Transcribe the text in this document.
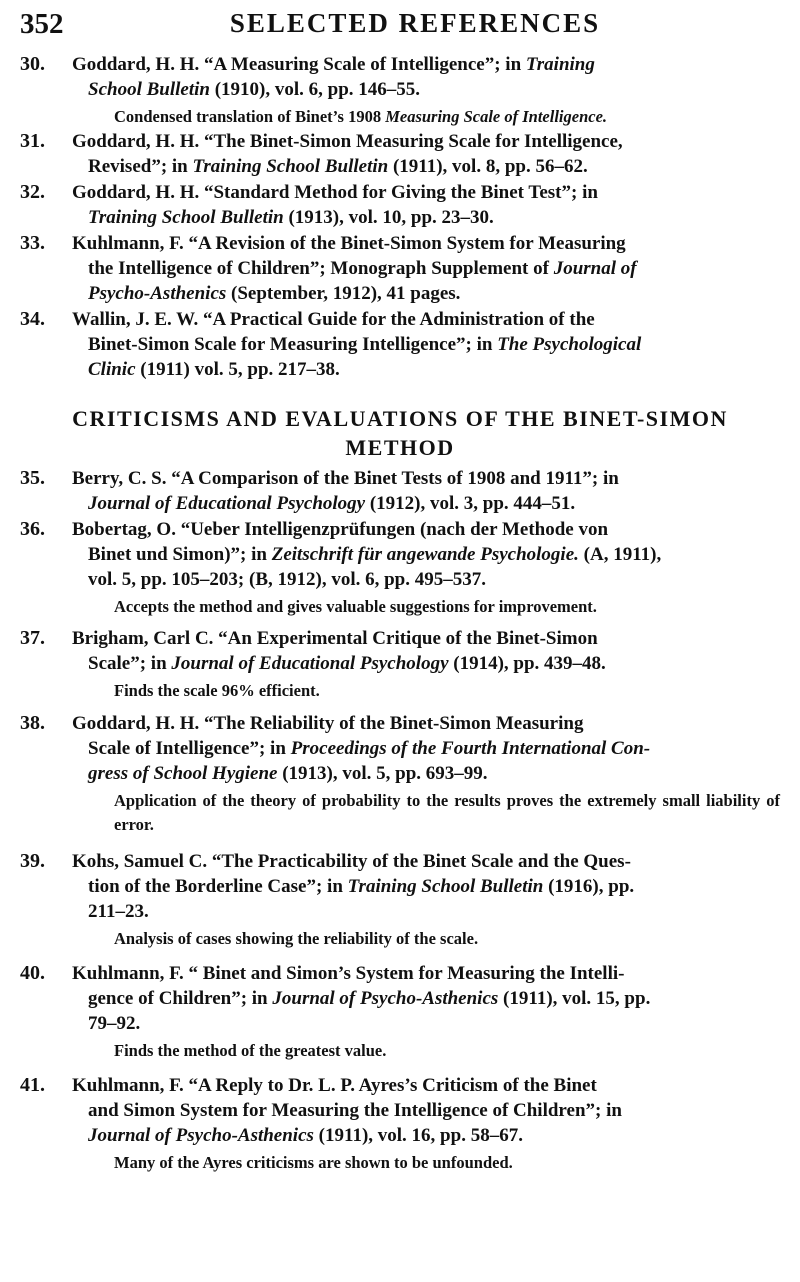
352	SELECTED REFERENCES
30. Goddard, H. H. “A Measuring Scale of Intelligence”; in Training
School Bulletin (1910), vol. 6, pp. 146–55.
Condensed translation of Binet’s 1908 Measuring Scale of Intelligence.
31. Goddard, H. H. “The Binet-Simon Measuring Scale for Intelligence,
Revised”; in Training School Bulletin (1911), vol. 8, pp. 56–62.
32. Goddard, H. H. “Standard Method for Giving the Binet Test”; in
Training School Bulletin (1913), vol. 10, pp. 23–30.
33. Kuhlmann, F. “A Revision of the Binet-Simon System for Measuring
the Intelligence of Children”; Monograph Supplement of Journal of
Psycho-Asthenics (September, 1912), 41 pages.
34. Wallin, J. E. W. “A Practical Guide for the Administration of the
Binet-Simon Scale for Measuring Intelligence”; in The Psychological
Clinic (1911) vol. 5, pp. 217–38.
CRITICISMS AND EVALUATIONS OF THE BINET-SIMON
METHOD
35. Berry, C. S. “A Comparison of the Binet Tests of 1908 and 1911”; in
Journal of Educational Psychology (1912), vol. 3, pp. 444–51.
36. Bobertag, O. “Ueber Intelligenzprüfungen (nach der Methode von
Binet und Simon)”; in Zeitschrift für angewande Psychologie. (A, 1911),
vol. 5, pp. 105–203; (B, 1912), vol. 6, pp. 495–537.
Accepts the method and gives valuable suggestions for improvement.
37. Brigham, Carl C. “An Experimental Critique of the Binet-Simon
Scale”; in Journal of Educational Psychology (1914), pp. 439–48.
Finds the scale 96% efficient.
38. Goddard, H. H. “The Reliability of the Binet-Simon Measuring
Scale of Intelligence”; in Proceedings of the Fourth International Con-
gress of School Hygiene (1913), vol. 5, pp. 693–99.
Application of the theory of probability to the results proves the extremely small liability of error.
39. Kohs, Samuel C. “The Practicability of the Binet Scale and the Ques-
tion of the Borderline Case”; in Training School Bulletin (1916), pp.
211–23.
Analysis of cases showing the reliability of the scale.
40. Kuhlmann, F. “ Binet and Simon’s System for Measuring the Intelli-
gence of Children”; in Journal of Psycho-Asthenics (1911), vol. 15, pp.
79–92.
Finds the method of the greatest value.
41. Kuhlmann, F. “A Reply to Dr. L. P. Ayres’s Criticism of the Binet
and Simon System for Measuring the Intelligence of Children”; in
Journal of Psycho-Asthenics (1911), vol. 16, pp. 58–67.
Many of the Ayres criticisms are shown to be unfounded.
